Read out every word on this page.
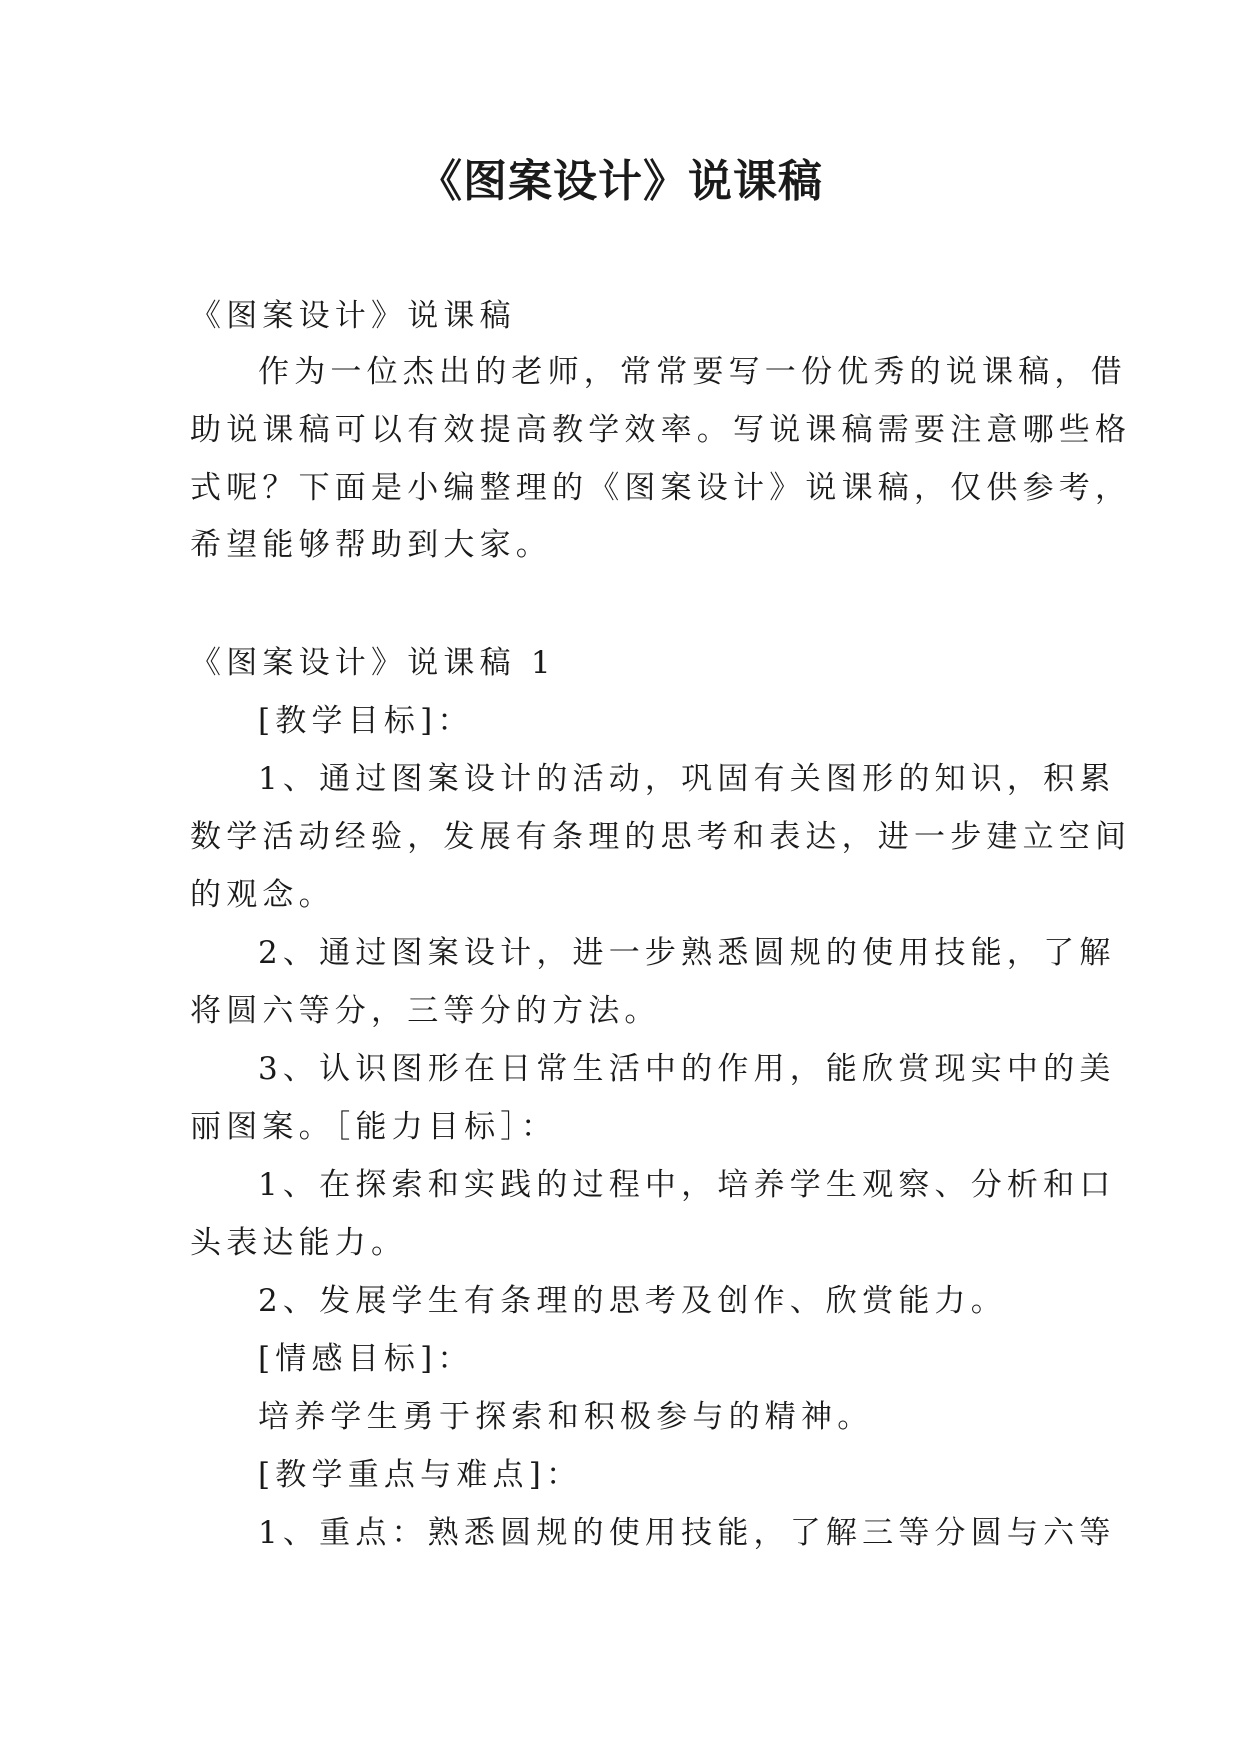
《图案设计》说课稿
《图案设计》说课稿
作为一位杰出的老师，常常要写一份优秀的说课稿，借
助说课稿可以有效提高教学效率。写说课稿需要注意哪些格
式呢？下面是小编整理的《图案设计》说课稿，仅供参考，
希望能够帮助到大家。
《图案设计》说课稿 1
[教学目标]：
1、通过图案设计的活动，巩固有关图形的知识，积累
数学活动经验，发展有条理的思考和表达，进一步建立空间
的观念。
2、通过图案设计，进一步熟悉圆规的使用技能，了解
将圆六等分，三等分的方法。
3、认识图形在日常生活中的作用，能欣赏现实中的美
丽图案。［能力目标］：
1、在探索和实践的过程中，培养学生观察、分析和口
头表达能力。
2、发展学生有条理的思考及创作、欣赏能力。
[情感目标]：
培养学生勇于探索和积极参与的精神。
[教学重点与难点]：
1、重点：熟悉圆规的使用技能，了解三等分圆与六等
